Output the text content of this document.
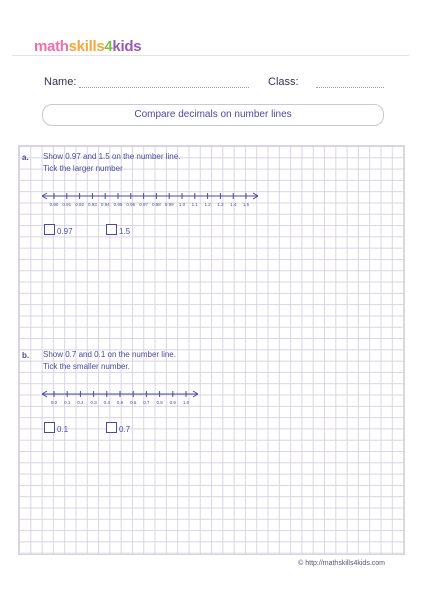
mathskills4kids
Name:	Class:
Compare decimals on number lines
a. Show 0.97 and 1.5 on the number line.
Tick the larger number
0.90 0.91 0.92 0.93 0.94 0.95 0.96 0.97 0.98 0.99 1.0 1.1 1.2 1.3 1.4 1.5
0.97	1.5
b. Show 0.7 and 0.1 on the number line.
Tick the smaller number.
0.0 0.1 0.2 0.3 0.4 0.5 0.6 0.7 0.8 0.9 1.0
0.1	0.7
© http://mathskills4kids.com
